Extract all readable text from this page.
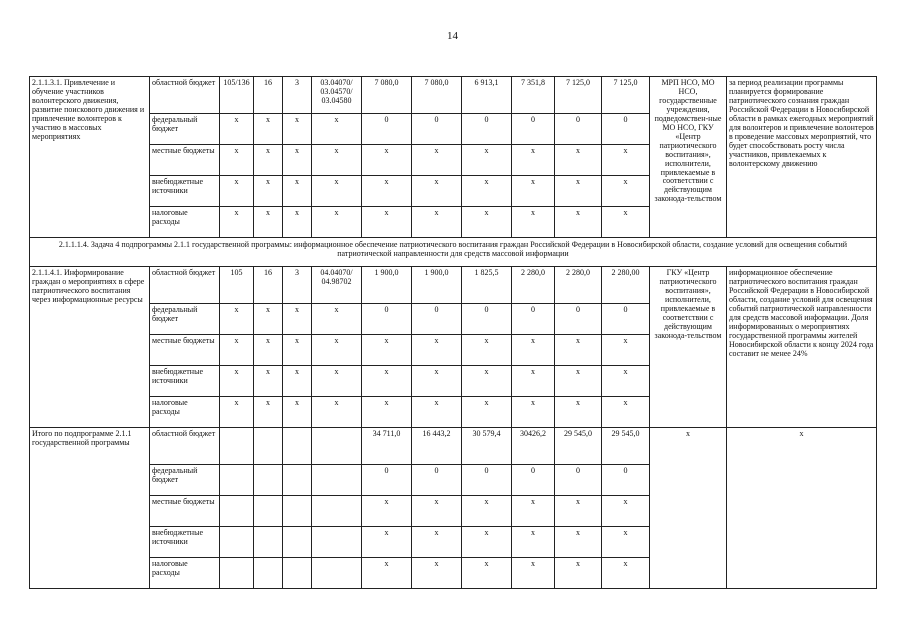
14
2.1.1.3.1. Привлечение и обучение участников волонтерского движения, развитие поискового движения и привлечение волонтеров к участию в массовых мероприятиях	областной бюджет	105/136	16	3	03.04070/ 03.04570/ 03.04580	7 080,0	7 080,0	6 913,1	7 351,8	7 125,0	7 125,0	МРП НСО, МО НСО, государственные учреждения, подведомствен-ные МО НСО, ГКУ «Центр патриотического воспитания», исполнители, привлекаемые в соответствии с действующим законода-тельством	за период реализации программы планируется формирование патриотического сознания граждан Российской Федерации в Новосибирской области в рамках ежегодных мероприятий для волонтеров и привлечение волонтеров в проведение массовых мероприятий, что будет способствовать росту числа участников, привлекаемых к волонтерскому движению
	федеральный бюджет	x	x	x	x	0	0	0	0	0	0		
	местные бюджеты	x	x	x	x	x	x	x	x	x	x		
	внебюджетные источники	x	x	x	x	x	x	x	x	x	x		
	налоговые расходы	x	x	x	x	x	x	x	x	x	x		
2.1.1.1.4. Задача 4 подпрограммы 2.1.1 государственной программы: информационное обеспечение патриотического воспитания граждан Российской Федерации в Новосибирской области, создание условий для освещения событий патриотической направленности для средств массовой информации													
2.1.1.4.1. Информирование граждан о мероприятиях в сфере патриотического воспитания через информационные ресурсы	областной бюджет	105	16	3	04.04070/ 04.98702	1 900,0	1 900,0	1 825,5	2 280,0	2 280,0	2 280,00	ГКУ «Центр патриотического воспитания», исполнители, привлекаемые в соответствии с действующим законода-тельством	информационное обеспечение патриотического воспитания граждан Российской Федерации в Новосибирской области, создание условий для освещения событий патриотической направленности для средств массовой информации. Доля информированных о мероприятиях государственной программы жителей Новосибирской области к концу 2024 года составит не менее 24%
	федеральный бюджет	x	x	x	x	0	0	0	0	0	0		
	местные бюджеты	x	x	x	x	x	x	x	x	x	x		
	внебюджетные источники	x	x	x	x	x	x	x	x	x	x		
	налоговые расходы	x	x	x	x	x	x	x	x	x	x		
Итого по подпрограмме 2.1.1 государственной программы	областной бюджет					34 711,0	16 443,2	30 579,4	30426,2	29 545,0	29 545,0	x	x
	федеральный бюджет					0	0	0	0	0	0		
	местные бюджеты					x	x	x	x	x	x		
	внебюджетные источники					x	x	x	x	x	x		
	налоговые расходы					x	x	x	x	x	x		
